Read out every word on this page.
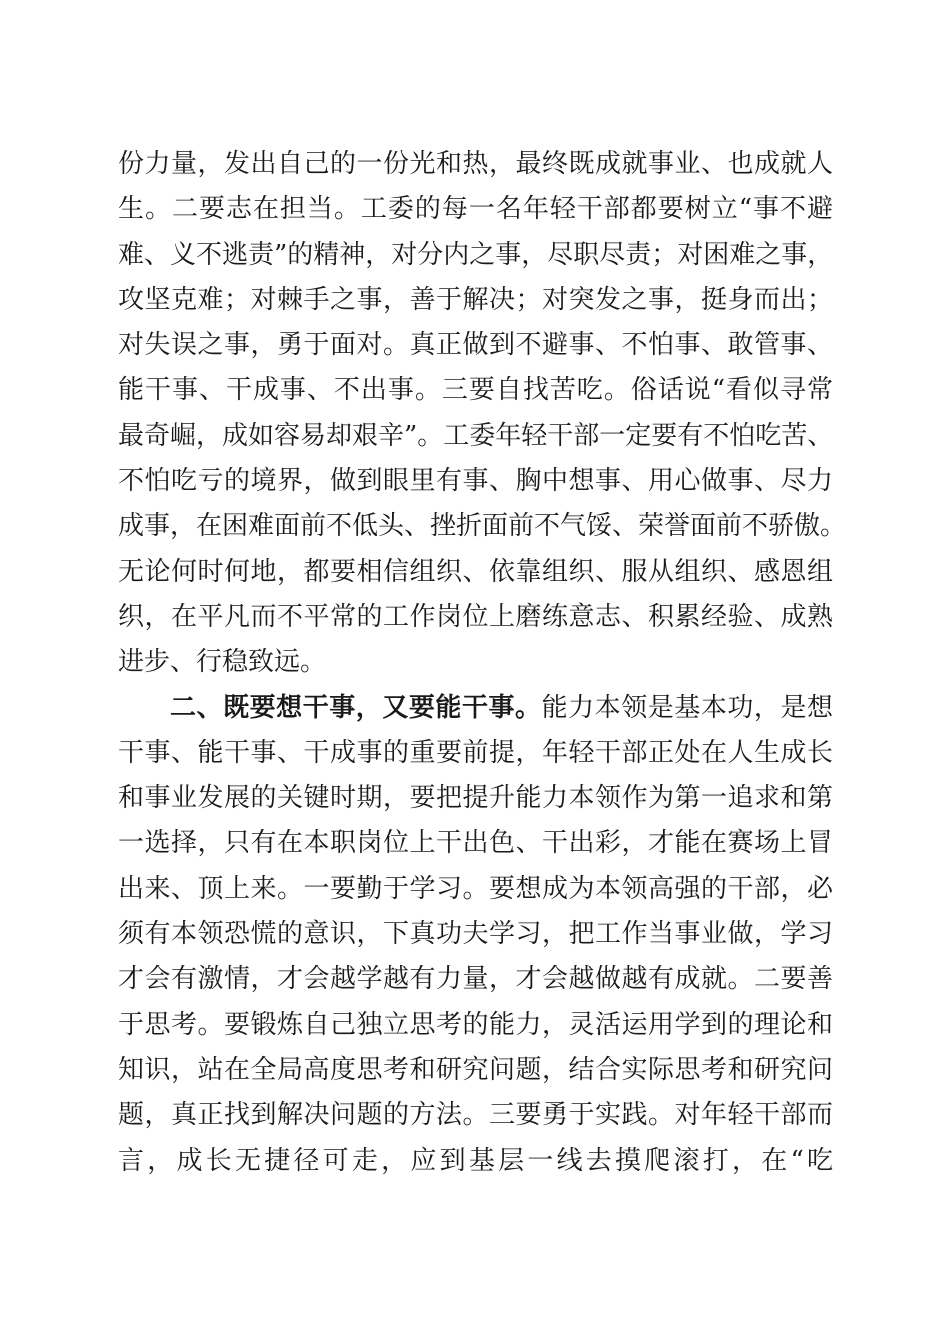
份力量，发出自己的一份光和热，最终既成就事业、也成就人
生。二要志在担当。工委的每一名年轻干部都要树立“事不避
难、义不逃责”的精神，对分内之事，尽职尽责；对困难之事，
攻坚克难；对棘手之事，善于解决；对突发之事，挺身而出；
对失误之事，勇于面对。真正做到不避事、不怕事、敢管事、
能干事、干成事、不出事。三要自找苦吃。俗话说“看似寻常
最奇崛，成如容易却艰辛”。工委年轻干部一定要有不怕吃苦、
不怕吃亏的境界，做到眼里有事、胸中想事、用心做事、尽力
成事，在困难面前不低头、挫折面前不气馁、荣誉面前不骄傲。
无论何时何地，都要相信组织、依靠组织、服从组织、感恩组
织，在平凡而不平常的工作岗位上磨练意志、积累经验、成熟
进步、行稳致远。
二、既要想干事，又要能干事。能力本领是基本功，是想
干事、能干事、干成事的重要前提，年轻干部正处在人生成长
和事业发展的关键时期，要把提升能力本领作为第一追求和第
一选择，只有在本职岗位上干出色、干出彩，才能在赛场上冒
出来、顶上来。一要勤于学习。要想成为本领高强的干部，必
须有本领恐慌的意识，下真功夫学习，把工作当事业做，学习
才会有激情，才会越学越有力量，才会越做越有成就。二要善
于思考。要锻炼自己独立思考的能力，灵活运用学到的理论和
知识，站在全局高度思考和研究问题，结合实际思考和研究问
题，真正找到解决问题的方法。三要勇于实践。对年轻干部而
言，成长无捷径可走，应到基层一线去摸爬滚打，在“吃
